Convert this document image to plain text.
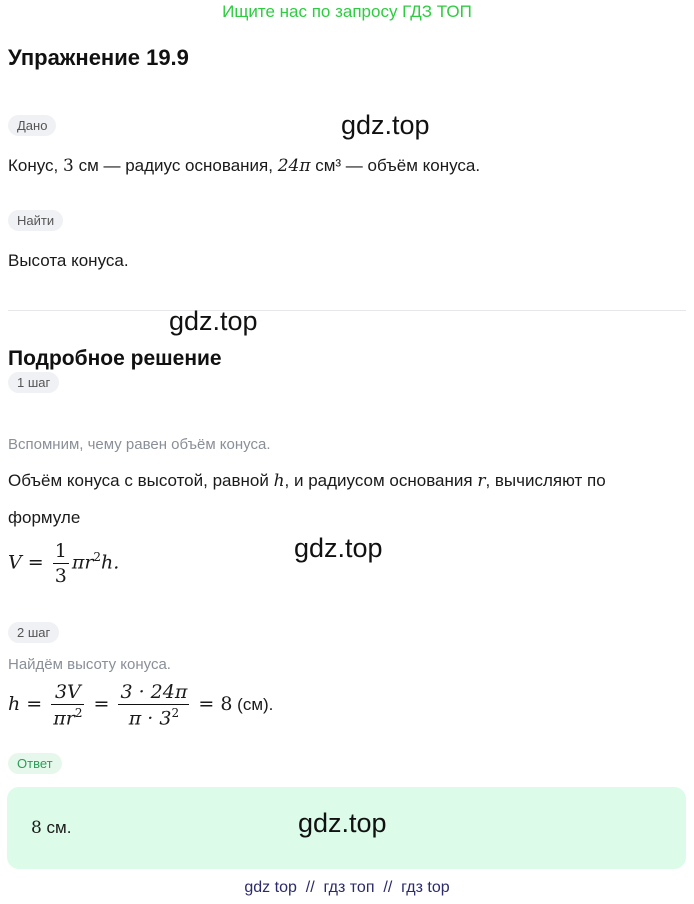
Ищите нас по запросу ГДЗ ТОП
Упражнение 19.9
Дано	gdz.top
Конус, 3 см — радиус основания, 24π см³ — объём конуса.
Найти
Высота конуса.
gdz.top
Подробное решение
1 шаг
Вспомним, чему равен объём конуса.
Объём конуса с высотой, равной h, и радиусом основания r, вычисляют по
формуле
$V = \frac{1}{3} \pi r^2h$.	gdz.top
2 шаг
Найдём высоту конуса.
$h = \frac{3V}{\pi r^2} = \frac{3 \cdot 24\pi}{\pi \cdot 3^2} = 8$ (см).
Ответ
8 см.	gdz.top
gdz top  //  гдз топ  //  гдз top
